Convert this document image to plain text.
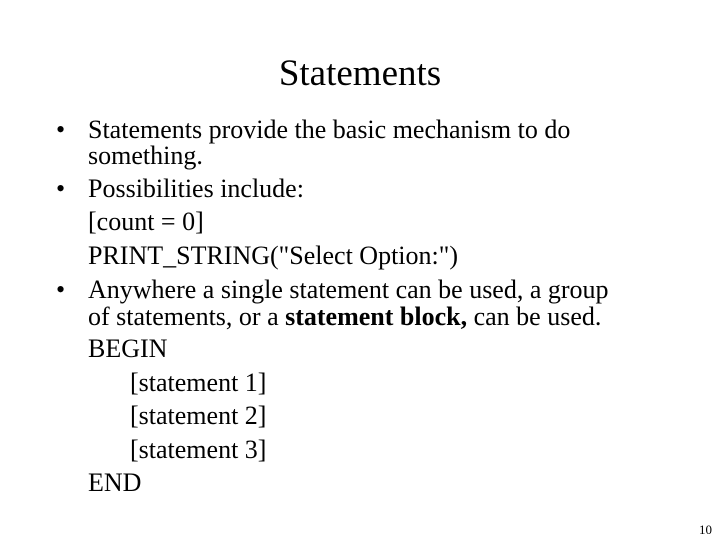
Statements
• Statements provide the basic mechanism to do
something.
• Possibilities include:
[count = 0]
PRINT_STRING("Select Option:")
• Anywhere a single statement can be used, a group
of statements, or a statement block, can be used.
BEGIN
[statement 1]
[statement 2]
[statement 3]
END
10
